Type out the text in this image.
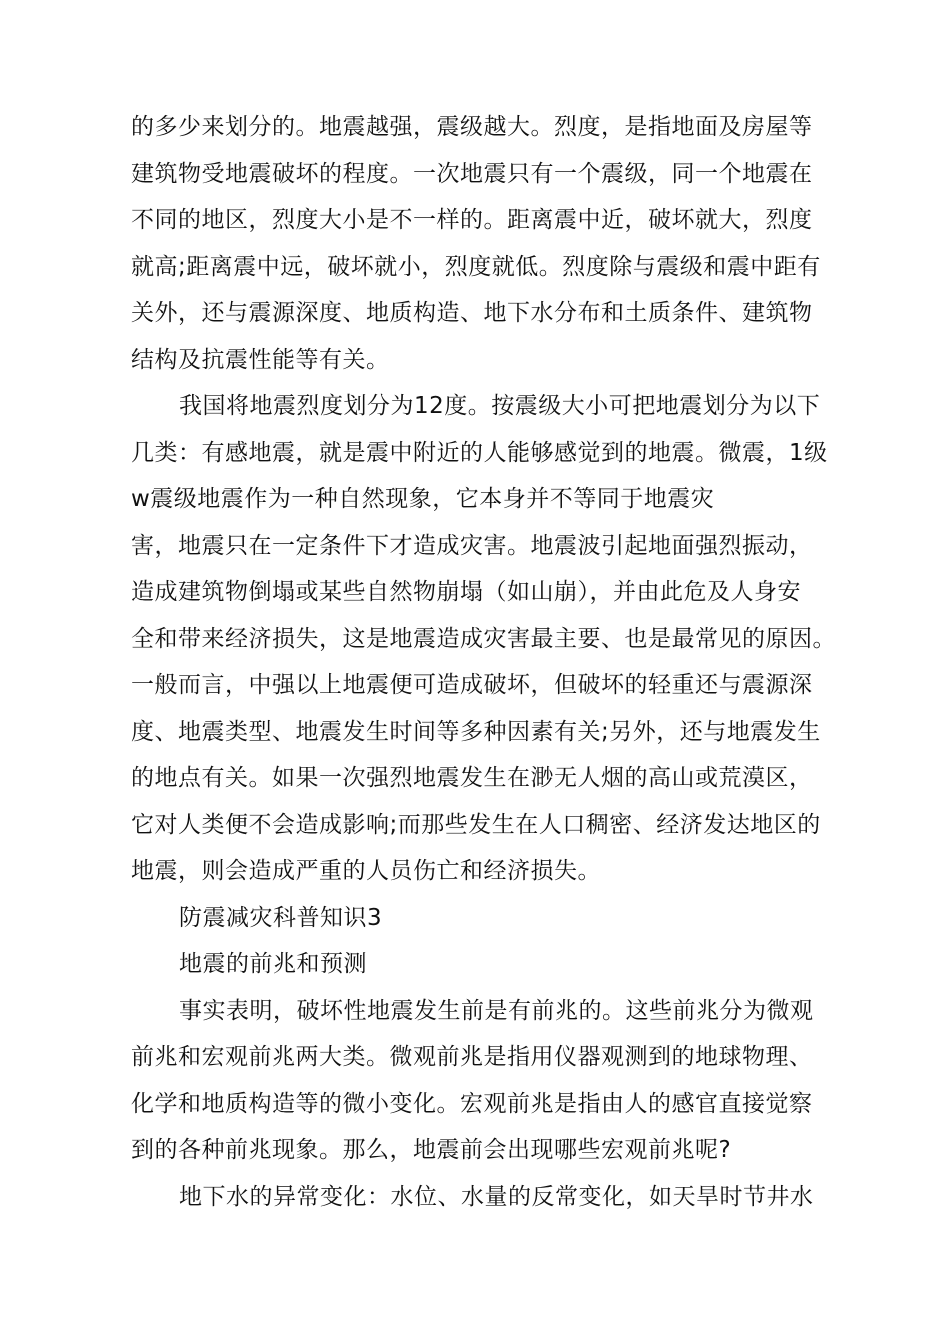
的多少来划分的。地震越强，震级越大。烈度，是指地面及房屋等
建筑物受地震破坏的程度。一次地震只有一个震级，同一个地震在
不同的地区，烈度大小是不一样的。距离震中近，破坏就大，烈度
就高;距离震中远，破坏就小，烈度就低。烈度除与震级和震中距有
关外，还与震源深度、地质构造、地下水分布和土质条件、建筑物
结构及抗震性能等有关。
我国将地震烈度划分为12度。按震级大小可把地震划分为以下
几类：有感地震，就是震中附近的人能够感觉到的地震。微震，1级
w震级地震作为一种自然现象，它本身并不等同于地震灾
害，地震只在一定条件下才造成灾害。地震波引起地面强烈振动，
造成建筑物倒塌或某些自然物崩塌（如山崩），并由此危及人身安
全和带来经济损失，这是地震造成灾害最主要、也是最常见的原因。
一般而言，中强以上地震便可造成破坏，但破坏的轻重还与震源深
度、地震类型、地震发生时间等多种因素有关;另外，还与地震发生
的地点有关。如果一次强烈地震发生在渺无人烟的高山或荒漠区，
它对人类便不会造成影响;而那些发生在人口稠密、经济发达地区的
地震，则会造成严重的人员伤亡和经济损失。
防震减灾科普知识3
地震的前兆和预测
事实表明，破坏性地震发生前是有前兆的。这些前兆分为微观
前兆和宏观前兆两大类。微观前兆是指用仪器观测到的地球物理、
化学和地质构造等的微小变化。宏观前兆是指由人的感官直接觉察
到的各种前兆现象。那么，地震前会出现哪些宏观前兆呢?
地下水的异常变化：水位、水量的反常变化，如天旱时节井水
